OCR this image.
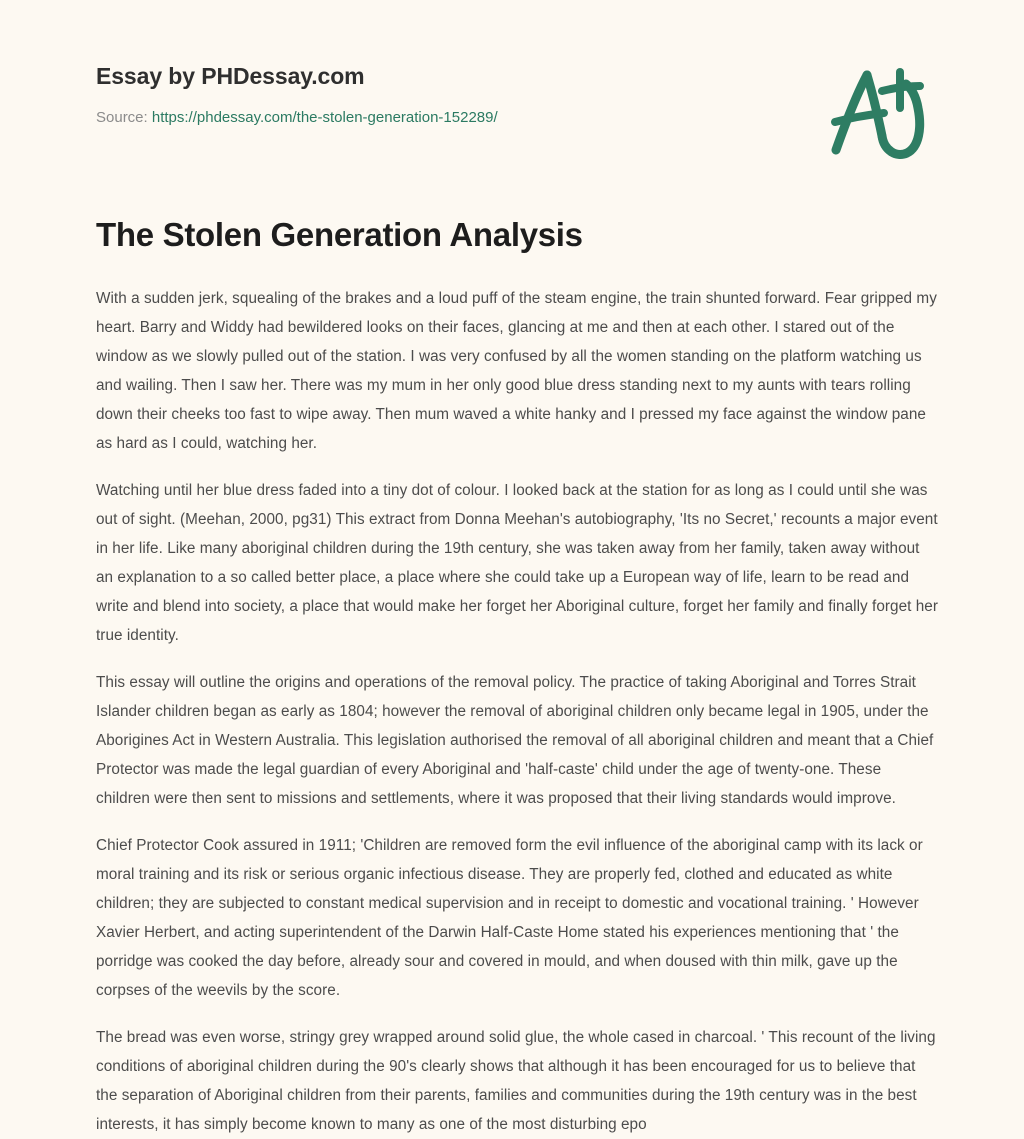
Essay by PHDessay.com

Source: https://phdessay.com/the-stolen-generation-152289/

The Stolen Generation Analysis

With a sudden jerk, squealing of the brakes and a loud puff of the steam engine, the train shunted forward. Fear gripped my heart. Barry and Widdy had bewildered looks on their faces, glancing at me and then at each other. I stared out of the window as we slowly pulled out of the station. I was very confused by all the women standing on the platform watching us and wailing. Then I saw her. There was my mum in her only good blue dress standing next to my aunts with tears rolling down their cheeks too fast to wipe away. Then mum waved a white hanky and I pressed my face against the window pane as hard as I could, watching her.

Watching until her blue dress faded into a tiny dot of colour. I looked back at the station for as long as I could until she was out of sight. (Meehan, 2000, pg31) This extract from Donna Meehan's autobiography, 'Its no Secret,' recounts a major event in her life. Like many aboriginal children during the 19th century, she was taken away from her family, taken away without an explanation to a so called better place, a place where she could take up a European way of life, learn to be read and write and blend into society, a place that would make her forget her Aboriginal culture, forget her family and finally forget her true identity.

This essay will outline the origins and operations of the removal policy. The practice of taking Aboriginal and Torres Strait Islander children began as early as 1804; however the removal of aboriginal children only became legal in 1905, under the Aborigines Act in Western Australia. This legislation authorised the removal of all aboriginal children and meant that a Chief Protector was made the legal guardian of every Aboriginal and 'half-caste' child under the age of twenty-one. These children were then sent to missions and settlements, where it was proposed that their living standards would improve.

Chief Protector Cook assured in 1911; 'Children are removed form the evil influence of the aboriginal camp with its lack or moral training and its risk or serious organic infectious disease. They are properly fed, clothed and educated as white children; they are subjected to constant medical supervision and in receipt to domestic and vocational training. ' However Xavier Herbert, and acting superintendent of the Darwin Half-Caste Home stated his experiences mentioning that ' the porridge was cooked the day before, already sour and covered in mould, and when doused with thin milk, gave up the corpses of the weevils by the score.

The bread was even worse, stringy grey wrapped around solid glue, the whole cased in charcoal. ' This recount of the living conditions of aboriginal children during the 90's clearly shows that although it has been encouraged for us to believe that the separation of Aboriginal children from their parents, families and communities during the 19th century was in the best interests, it has simply become known to many as one of the most disturbing epo
